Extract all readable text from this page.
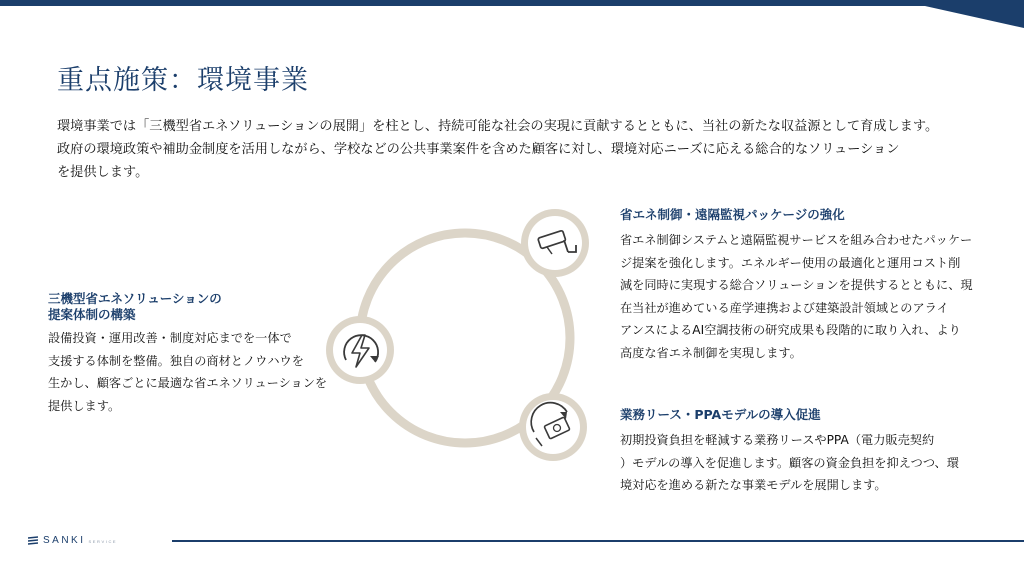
重点施策：環境事業
環境事業では「三機型省エネソリューションの展開」を柱とし、持続可能な社会の実現に貢献するとともに、当社の新たな収益源として育成します。
政府の環境政策や補助金制度を活用しながら、学校などの公共事業案件を含めた顧客に対し、環境対応ニーズに応える総合的なソリューション
を提供します。
三機型省エネソリューションの
提案体制の構築
設備投資・運用改善・制度対応までを一体で
支援する体制を整備。独自の商材とノウハウを
生かし、顧客ごとに最適な省エネソリューションを
提供します。
省エネ制御・遠隔監視パッケージの強化
省エネ制御システムと遠隔監視サービスを組み合わせたパッケー
ジ提案を強化します。エネルギー使用の最適化と運用コスト削
減を同時に実現する総合ソリューションを提供するとともに、現
在当社が進めている産学連携および建築設計領域とのアライ
アンスによるAI空調技術の研究成果も段階的に取り入れ、より
高度な省エネ制御を実現します。
業務リース・PPAモデルの導入促進
初期投資負担を軽減する業務リースやPPA（電力販売契約
）モデルの導入を促進します。顧客の資金負担を抑えつつ、環
境対応を進める新たな事業モデルを展開します。
SANKI SERVICE
